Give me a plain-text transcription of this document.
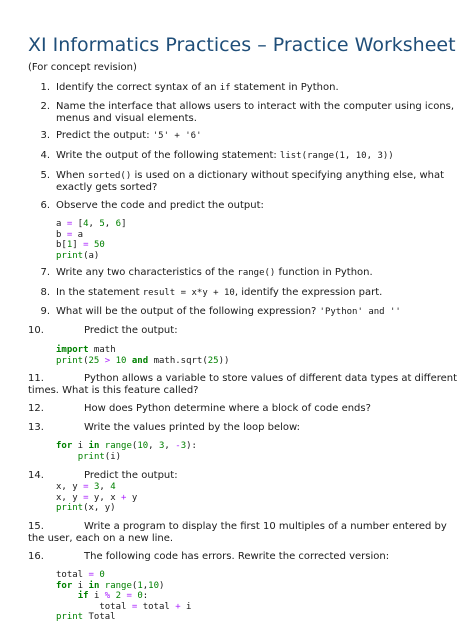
XI Informatics Practices – Practice Worksheet
(For concept revision)
1. Identify the correct syntax of an if statement in Python.
2. Name the interface that allows users to interact with the computer using icons, menus and visual elements.
3. Predict the output: '5' + '6'
4. Write the output of the following statement: list(range(1, 10, 3))
5. When sorted() is used on a dictionary without specifying anything else, what exactly gets sorted?
6. Observe the code and predict the output:
a = [4, 5, 6]
b = a
b[1] = 50
print(a)
7. Write any two characteristics of the range() function in Python.
8. In the statement result = x*y + 10, identify the expression part.
9. What will be the output of the following expression? 'Python' and ''
10.	Predict the output:
import math
print(25 > 10 and math.sqrt(25))
11.	Python allows a variable to store values of different data types at different times. What is this feature called?
12.	How does Python determine where a block of code ends?
13.	Write the values printed by the loop below:
for i in range(10, 3, -3):
print(i)
14.	Predict the output:
x, y = 3, 4
x, y = y, x + y
print(x, y)
15.	Write a program to display the first 10 multiples of a number entered by the user, each on a new line.
16.	The following code has errors. Rewrite the corrected version:
total = 0
for i in range(1,10)
if i % 2 = 0:
total = total + i
print Total
